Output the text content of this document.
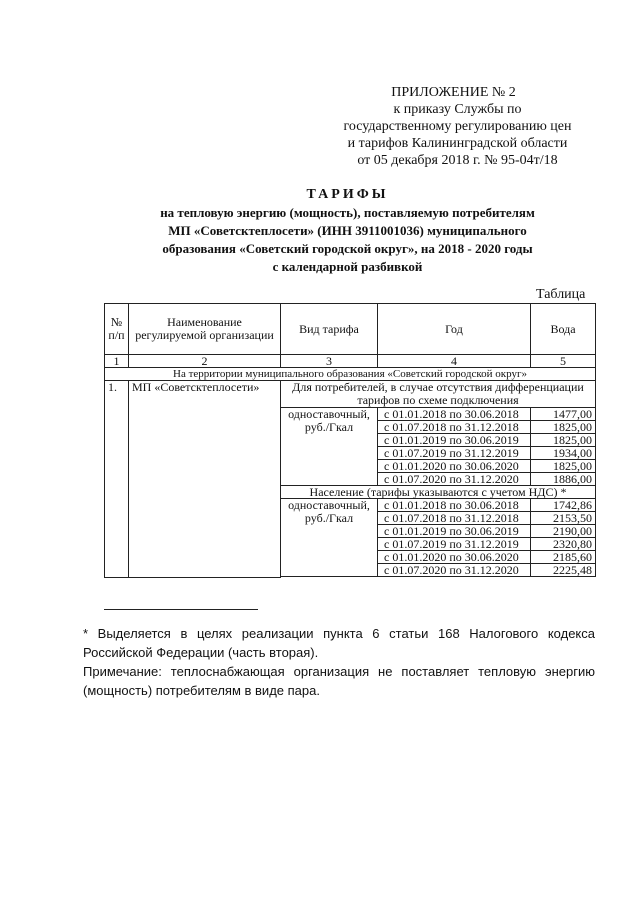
ПРИЛОЖЕНИЕ № 2
к приказу Службы по
государственному регулированию цен
и тарифов Калининградской области
от 05 декабря 2018 г. № 95-04т/18
ТАРИФЫ
на тепловую энергию (мощность), поставляемую потребителям
МП «Советсктеплосети» (ИНН 3911001036) муниципального
образования «Советский городской округ», на 2018 - 2020 годы
с календарной разбивкой
Таблица
№ п/п	Наименование регулируемой организации	Вид тарифа	Год	Вода
1	2	3	4	5
На территории муниципального образования «Советский городской округ»				
1.	МП «Советсктеплосети»	Для потребителей, в случае отсутствия дифференциации тарифов по схеме подключения		
		одноставочный, руб./Гкал	с 01.01.2018 по 30.06.2018	1477,00
			с 01.07.2018 по 31.12.2018	1825,00
			с 01.01.2019 по 30.06.2019	1825,00
			с 01.07.2019 по 31.12.2019	1934,00
			с 01.01.2020 по 30.06.2020	1825,00
			с 01.07.2020 по 31.12.2020	1886,00
		Население (тарифы указываются с учетом НДС) *		
		одноставочный, руб./Гкал	с 01.01.2018 по 30.06.2018	1742,86
			с 01.07.2018 по 31.12.2018	2153,50
			с 01.01.2019 по 30.06.2019	2190,00
			с 01.07.2019 по 31.12.2019	2320,80
			с 01.01.2020 по 30.06.2020	2185,60
			с 01.07.2020 по 31.12.2020	2225,48

* Выделяется в целях реализации пункта 6 статьи 168 Налогового кодекса Российской Федерации (часть вторая).
Примечание: теплоснабжающая организация не поставляет тепловую энергию (мощность) потребителям в виде пара.
